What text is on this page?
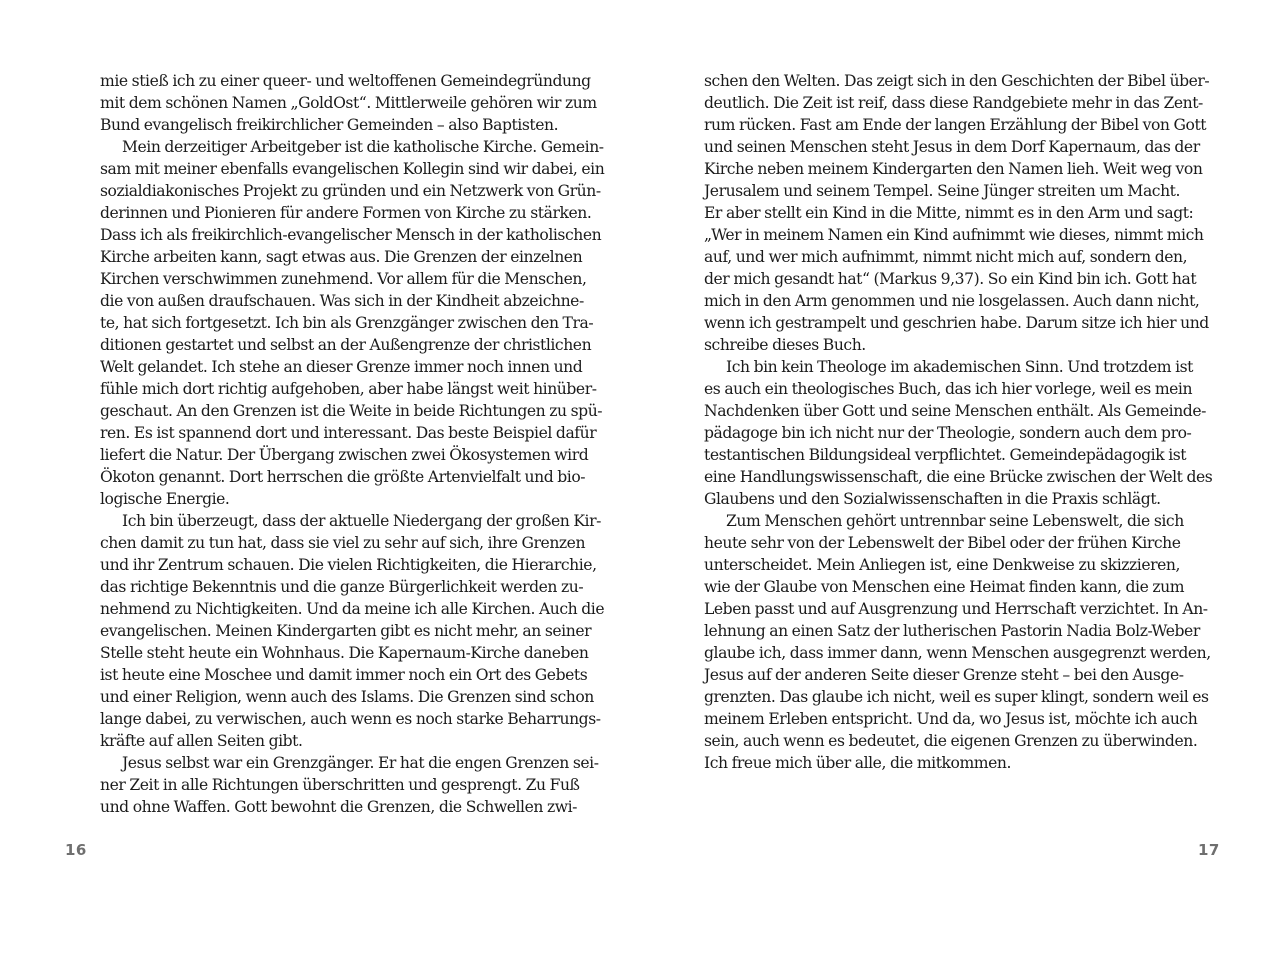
mie stieß ich zu einer queer- und weltoffenen Gemeindegründung
mit dem schönen Namen „GoldOst“. Mittlerweile gehören wir zum
Bund evangelisch freikirchlicher Gemeinden – also Baptisten.
Mein derzeitiger Arbeitgeber ist die katholische Kirche. Gemein-
sam mit meiner ebenfalls evangelischen Kollegin sind wir dabei, ein
sozialdiakonisches Projekt zu gründen und ein Netzwerk von Grün-
derinnen und Pionieren für andere Formen von Kirche zu stärken.
Dass ich als freikirchlich-evangelischer Mensch in der katholischen
Kirche arbeiten kann, sagt etwas aus. Die Grenzen der einzelnen
Kirchen verschwimmen zunehmend. Vor allem für die Menschen,
die von außen draufschauen. Was sich in der Kindheit abzeichne-
te, hat sich fortgesetzt. Ich bin als Grenzgänger zwischen den Tra-
ditionen gestartet und selbst an der Außengrenze der christlichen
Welt gelandet. Ich stehe an dieser Grenze immer noch innen und
fühle mich dort richtig aufgehoben, aber habe längst weit hinüber-
geschaut. An den Grenzen ist die Weite in beide Richtungen zu spü-
ren. Es ist spannend dort und interessant. Das beste Beispiel dafür
liefert die Natur. Der Übergang zwischen zwei Ökosystemen wird
Ökoton genannt. Dort herrschen die größte Artenvielfalt und bio-
logische Energie.
Ich bin überzeugt, dass der aktuelle Niedergang der großen Kir-
chen damit zu tun hat, dass sie viel zu sehr auf sich, ihre Grenzen
und ihr Zentrum schauen. Die vielen Richtigkeiten, die Hierarchie,
das richtige Bekenntnis und die ganze Bürgerlichkeit werden zu-
nehmend zu Nichtigkeiten. Und da meine ich alle Kirchen. Auch die
evangelischen. Meinen Kindergarten gibt es nicht mehr, an seiner
Stelle steht heute ein Wohnhaus. Die Kapernaum-Kirche daneben
ist heute eine Moschee und damit immer noch ein Ort des Gebets
und einer Religion, wenn auch des Islams. Die Grenzen sind schon
lange dabei, zu verwischen, auch wenn es noch starke Beharrungs-
kräfte auf allen Seiten gibt.
Jesus selbst war ein Grenzgänger. Er hat die engen Grenzen sei-
ner Zeit in alle Richtungen überschritten und gesprengt. Zu Fuß
und ohne Waffen. Gott bewohnt die Grenzen, die Schwellen zwi-
16
schen den Welten. Das zeigt sich in den Geschichten der Bibel über-
deutlich. Die Zeit ist reif, dass diese Randgebiete mehr in das Zent-
rum rücken. Fast am Ende der langen Erzählung der Bibel von Gott
und seinen Menschen steht Jesus in dem Dorf Kapernaum, das der
Kirche neben meinem Kindergarten den Namen lieh. Weit weg von
Jerusalem und seinem Tempel. Seine Jünger streiten um Macht.
Er aber stellt ein Kind in die Mitte, nimmt es in den Arm und sagt:
„Wer in meinem Namen ein Kind aufnimmt wie dieses, nimmt mich
auf, und wer mich aufnimmt, nimmt nicht mich auf, sondern den,
der mich gesandt hat“ (Markus 9,37). So ein Kind bin ich. Gott hat
mich in den Arm genommen und nie losgelassen. Auch dann nicht,
wenn ich gestrampelt und geschrien habe. Darum sitze ich hier und
schreibe dieses Buch.
Ich bin kein Theologe im akademischen Sinn. Und trotzdem ist
es auch ein theologisches Buch, das ich hier vorlege, weil es mein
Nachdenken über Gott und seine Menschen enthält. Als Gemeinde-
pädagoge bin ich nicht nur der Theologie, sondern auch dem pro-
testantischen Bildungsideal verpflichtet. Gemeindepädagogik ist
eine Handlungswissenschaft, die eine Brücke zwischen der Welt des
Glaubens und den Sozialwissenschaften in die Praxis schlägt.
Zum Menschen gehört untrennbar seine Lebenswelt, die sich
heute sehr von der Lebenswelt der Bibel oder der frühen Kirche
unterscheidet. Mein Anliegen ist, eine Denkweise zu skizzieren,
wie der Glaube von Menschen eine Heimat finden kann, die zum
Leben passt und auf Ausgrenzung und Herrschaft verzichtet. In An-
lehnung an einen Satz der lutherischen Pastorin Nadia Bolz-Weber
glaube ich, dass immer dann, wenn Menschen ausgegrenzt werden,
Jesus auf der anderen Seite dieser Grenze steht – bei den Ausge-
grenzten. Das glaube ich nicht, weil es super klingt, sondern weil es
meinem Erleben entspricht. Und da, wo Jesus ist, möchte ich auch
sein, auch wenn es bedeutet, die eigenen Grenzen zu überwinden.
Ich freue mich über alle, die mitkommen.
17
